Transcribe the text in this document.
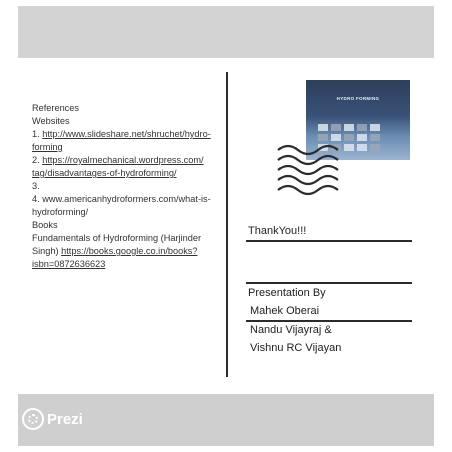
References
Websites
1. http://www.slideshare.net/shruchet/hydro-
forming
2. https://royalmechanical.wordpress.com/
tag/disadvantages-of-hydroforming/
3.
4. www.americanhydroformers.com/what-is-
hydroforming/
Books
Fundamentals of Hydroforming (Harjinder
Singh) https://books.google.co.in/books?
isbn=0872636623
HYDRO FORMING
ThankYou!!!
Presentation By
Mahek Oberai
Nandu Vijayraj &
Vishnu RC Vijayan
Prezi
